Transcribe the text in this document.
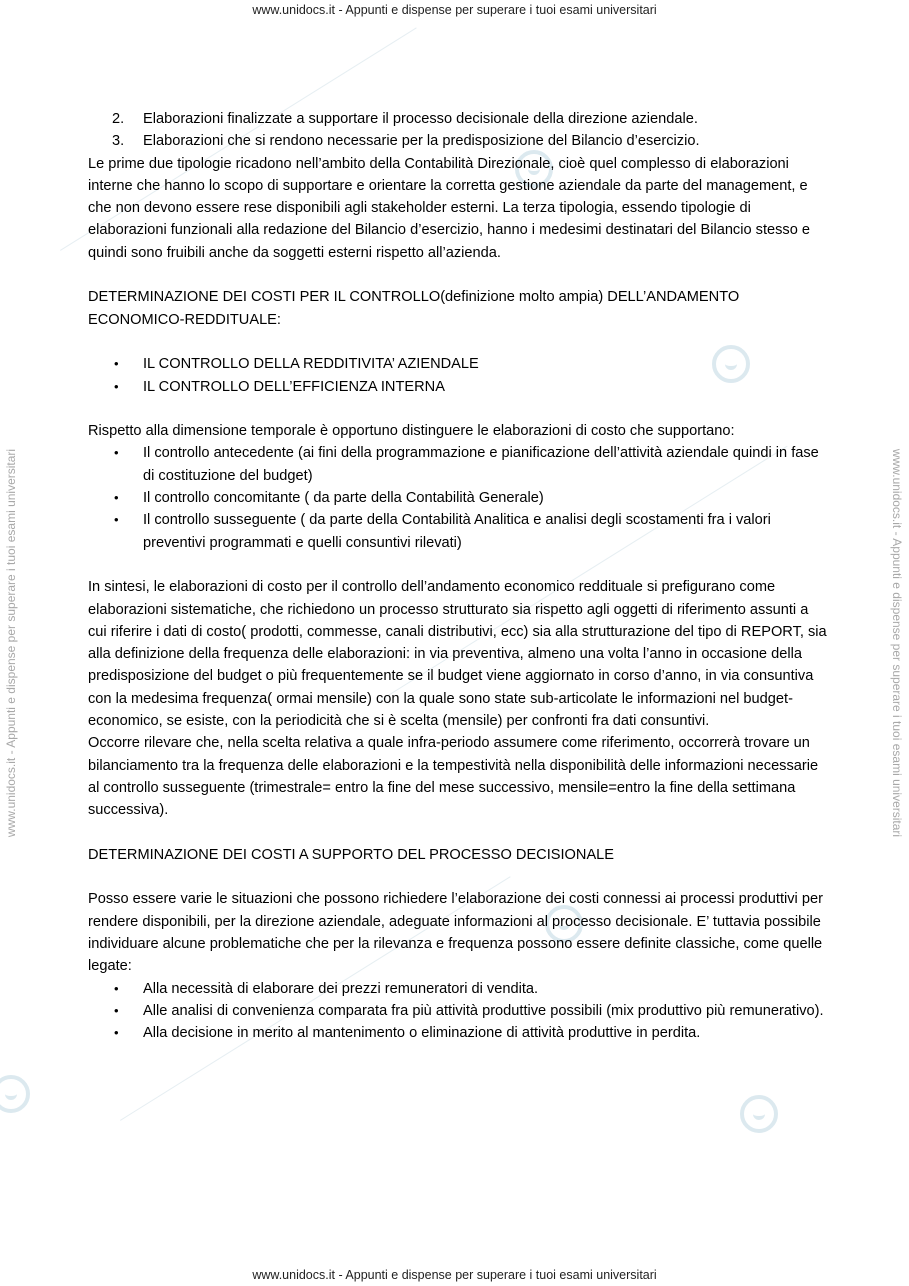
www.unidocs.it - Appunti e dispense per superare i tuoi esami universitari
www.unidocs.it - Appunti e dispense per superare i tuoi esami universitari
www.unidocs.it - Appunti e dispense per superare i tuoi esami universitari	www.unidocs.it - Appunti e dispense per superare i tuoi esami universitari
2. Elaborazioni finalizzate a supportare il processo decisionale della direzione aziendale.
3. Elaborazioni che si rendono necessarie per la predisposizione del Bilancio d’esercizio.

Le prime due tipologie ricadono nell’ambito della Contabilità Direzionale, cioè quel complesso di elaborazioni interne che hanno lo scopo di supportare e orientare la corretta gestione aziendale da parte del management, e che non devono essere rese disponibili agli stakeholder esterni. La terza tipologia, essendo tipologie di elaborazioni funzionali alla redazione del Bilancio d’esercizio, hanno i medesimi destinatari del Bilancio stesso e quindi sono fruibili anche da soggetti esterni rispetto all’azienda.

DETERMINAZIONE DEI COSTI PER IL CONTROLLO(definizione molto ampia) DELL’ANDAMENTO ECONOMICO-REDDITUALE:

• IL CONTROLLO DELLA REDDITIVITA’ AZIENDALE
• IL CONTROLLO DELL’EFFICIENZA INTERNA

Rispetto alla dimensione temporale è opportuno distinguere le elaborazioni di costo che supportano:

• Il controllo antecedente (ai fini della programmazione e pianificazione dell’attività aziendale quindi in fase di costituzione del budget)
• Il controllo concomitante ( da parte della Contabilità Generale)
• Il controllo susseguente ( da parte della Contabilità Analitica e analisi degli scostamenti fra i valori preventivi programmati e quelli consuntivi rilevati)

In sintesi, le elaborazioni di costo per il controllo dell’andamento economico reddituale si prefigurano come elaborazioni sistematiche, che richiedono un processo strutturato sia rispetto agli oggetti di riferimento assunti a cui riferire i dati di costo( prodotti, commesse, canali distributivi, ecc) sia alla strutturazione del tipo di REPORT, sia alla definizione della frequenza delle elaborazioni: in via preventiva, almeno una volta l’anno in occasione della predisposizione del budget o più frequentemente se il budget viene aggiornato in corso d’anno, in via consuntiva con la medesima frequenza( ormai mensile) con la quale sono state sub-articolate le informazioni nel budget-economico, se esiste, con la periodicità che si è scelta (mensile) per confronti fra dati consuntivi.

Occorre rilevare che, nella scelta relativa a quale infra-periodo assumere come riferimento, occorrerà trovare un bilanciamento tra la frequenza delle elaborazioni e la tempestività nella disponibilità delle informazioni necessarie al controllo susseguente (trimestrale= entro la fine del mese successivo, mensile=entro la fine della settimana successiva).

DETERMINAZIONE DEI COSTI A SUPPORTO DEL PROCESSO DECISIONALE

Posso essere varie le situazioni che possono richiedere l’elaborazione dei costi connessi ai processi produttivi per rendere disponibili, per la direzione aziendale, adeguate informazioni al processo decisionale. E’ tuttavia possibile individuare alcune problematiche che per la rilevanza e frequenza possono essere definite classiche, come quelle legate:

• Alla necessità di elaborare dei prezzi remuneratori di vendita.
• Alle analisi di convenienza comparata fra più attività produttive possibili (mix produttivo più remunerativo).
• Alla decisione in merito al mantenimento o eliminazione di attività produttive in perdita.
